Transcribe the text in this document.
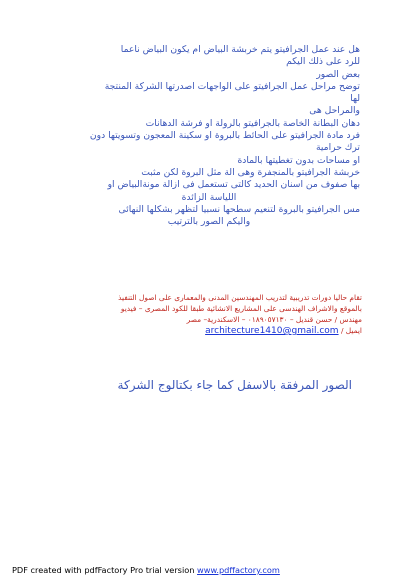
هل عند عمل الجرافيتو يتم خربشة البياض ام يكون البياض ناعما
للرد على ذلك اليكم
بعض الصور
توضح مراحل عمل الجرافيتو على الواجهات اصدرتها الشركة المنتجة
لها
والمراحل هى
دهان البطانة الخاصة بالجرافيتو بالرولة او فرشة الدهانات
فرد مادة الجرافيتو على الحائط بالبروة او سكينة المعجون وتسويتها دون
ترك حرامية
او مساحات بدون تغطيتها بالمادة
خربشة الجرافيتو بالمنجفرة وهى الة مثل البروة لكن مثبت
بها صفوف من اسنان الحديد كالتى تستعمل فى ازالة مونةالبياض او
اللياسة الزائدة
مس الجرافيتو بالبروة لتنعيم سطحها نسبيا لتظهر بشكلها النهائى
واليكم الصور بالترتيب
تقام حاليا دورات تدريبية لتدريب المهندسين المدنى والمعمارى على اصول التنفيذ
بالموقع والاشراف الهندسى على المشاريع الانشائية طبقا للكود المصرى – فيديو
مهندس / حسن قنديل – ٠١٨٩٠٥٧١٣٠ – الاسكندرية– مصر
ايميل / architecture1410@gmail.com
الصور المرفقة بالاسفل كما جاء بكتالوج الشركة
PDF created with pdfFactory Pro trial version www.pdffactory.com
